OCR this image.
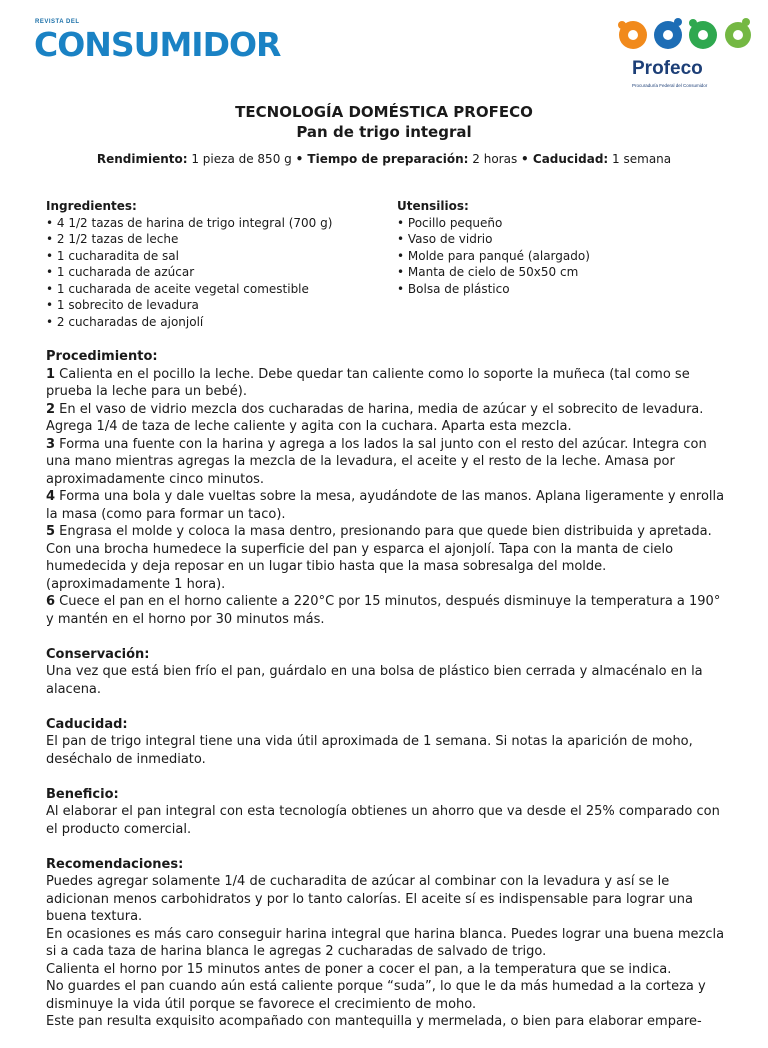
REVISTA DEL
CONSUMIDOR
Profeco
Procuraduría Federal del Consumidor
TECNOLOGÍA DOMÉSTICA PROFECO
Pan de trigo integral
Rendimiento: 1 pieza de 850 g • Tiempo de preparación: 2 horas • Caducidad: 1 semana
Ingredientes:
• 4 1/2 tazas de harina de trigo integral (700 g)
• 2 1/2 tazas de leche
• 1 cucharadita de sal
• 1 cucharada de azúcar
• 1 cucharada de aceite vegetal comestible
• 1 sobrecito de levadura
• 2 cucharadas de ajonjolí
Utensilios:
• Pocillo pequeño
• Vaso de vidrio
• Molde para panqué (alargado)
• Manta de cielo de 50x50 cm
• Bolsa de plástico
Procedimiento:

1 Calienta en el pocillo la leche. Debe quedar tan caliente como lo soporte la muñeca (tal como se prueba la leche para un bebé).

2 En el vaso de vidrio mezcla dos cucharadas de harina, media de azúcar y el sobrecito de levadura. Agrega 1/4 de taza de leche caliente y agita con la cuchara. Aparta esta mezcla.

3 Forma una fuente con la harina y agrega a los lados la sal junto con el resto del azúcar. Integra con una mano mientras agregas la mezcla de la levadura, el aceite y el resto de la leche. Amasa por aproximadamente cinco minutos.

4 Forma una bola y dale vueltas sobre la mesa, ayudándote de las manos. Aplana ligeramente y enrolla la masa (como para formar un taco).

5 Engrasa el molde y coloca la masa dentro, presionando para que quede bien distribuida y apretada. Con una brocha humedece la superficie del pan y esparca el ajonjolí. Tapa con la manta de cielo humedecida y deja reposar en un lugar tibio hasta que la masa sobresalga del molde. (aproximadamente 1 hora).

6 Cuece el pan en el horno caliente a 220°C por 15 minutos, después disminuye la temperatura a 190° y mantén en el horno por 30 minutos más.

Conservación:

Una vez que está bien frío el pan, guárdalo en una bolsa de plástico bien cerrada y almacénalo en la alacena.

Caducidad:

El pan de trigo integral tiene una vida útil aproximada de 1 semana. Si notas la aparición de moho, deséchalo de inmediato.

Beneficio:

Al elaborar el pan integral con esta tecnología obtienes un ahorro que va desde el 25% comparado con el producto comercial.

Recomendaciones:

Puedes agregar solamente 1/4 de cucharadita de azúcar al combinar con la levadura y así se le adicionan menos carbohidratos y por lo tanto calorías. El aceite sí es indispensable para lograr una buena textura.

En ocasiones es más caro conseguir harina integral que harina blanca. Puedes lograr una buena mezcla si a cada taza de harina blanca le agregas 2 cucharadas de salvado de trigo.

Calienta el horno por 15 minutos antes de poner a cocer el pan, a la temperatura que se indica.

No guardes el pan cuando aún está caliente porque “suda”, lo que le da más humedad a la corteza y disminuye la vida útil porque se favorece el crecimiento de moho.

Este pan resulta exquisito acompañado con mantequilla y mermelada, o bien para elaborar empare-
